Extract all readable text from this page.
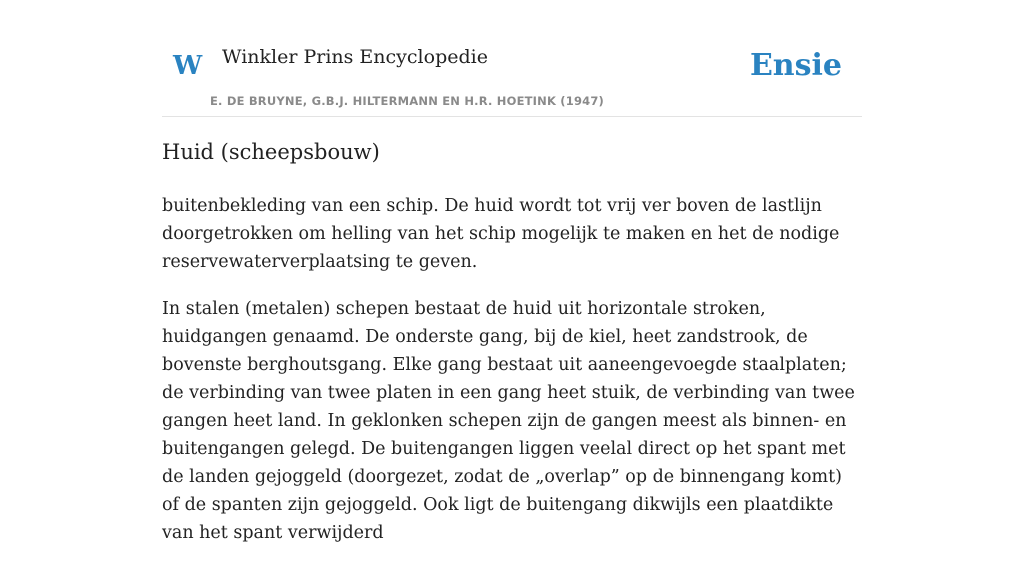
W Winkler Prins Encyclopedie
E. DE BRUYNE, G.B.J. HILTERMANN EN H.R. HOETINK (1947)
Ensie
Huid (scheepsbouw)

buitenbekleding van een schip. De huid wordt tot vrij ver boven de lastlijn doorgetrokken om helling van het schip mogelijk te maken en het de nodige reservewaterverplaatsing te geven.

In stalen (metalen) schepen bestaat de huid uit horizontale stroken, huidgangen genaamd. De onderste gang, bij de kiel, heet zandstrook, de bovenste berghoutsgang. Elke gang bestaat uit aaneengevoegde staalplaten; de verbinding van twee platen in een gang heet stuik, de verbinding van twee gangen heet land. In geklonken schepen zijn de gangen meest als binnen- en buitengangen gelegd. De buitengangen liggen veelal direct op het spant met de landen gejoggeld (doorgezet, zodat de „overlap” op de binnengang komt) of de spanten zijn gejoggeld. Ook ligt de buitengang dikwijls een plaatdikte van het spant verwijderd
